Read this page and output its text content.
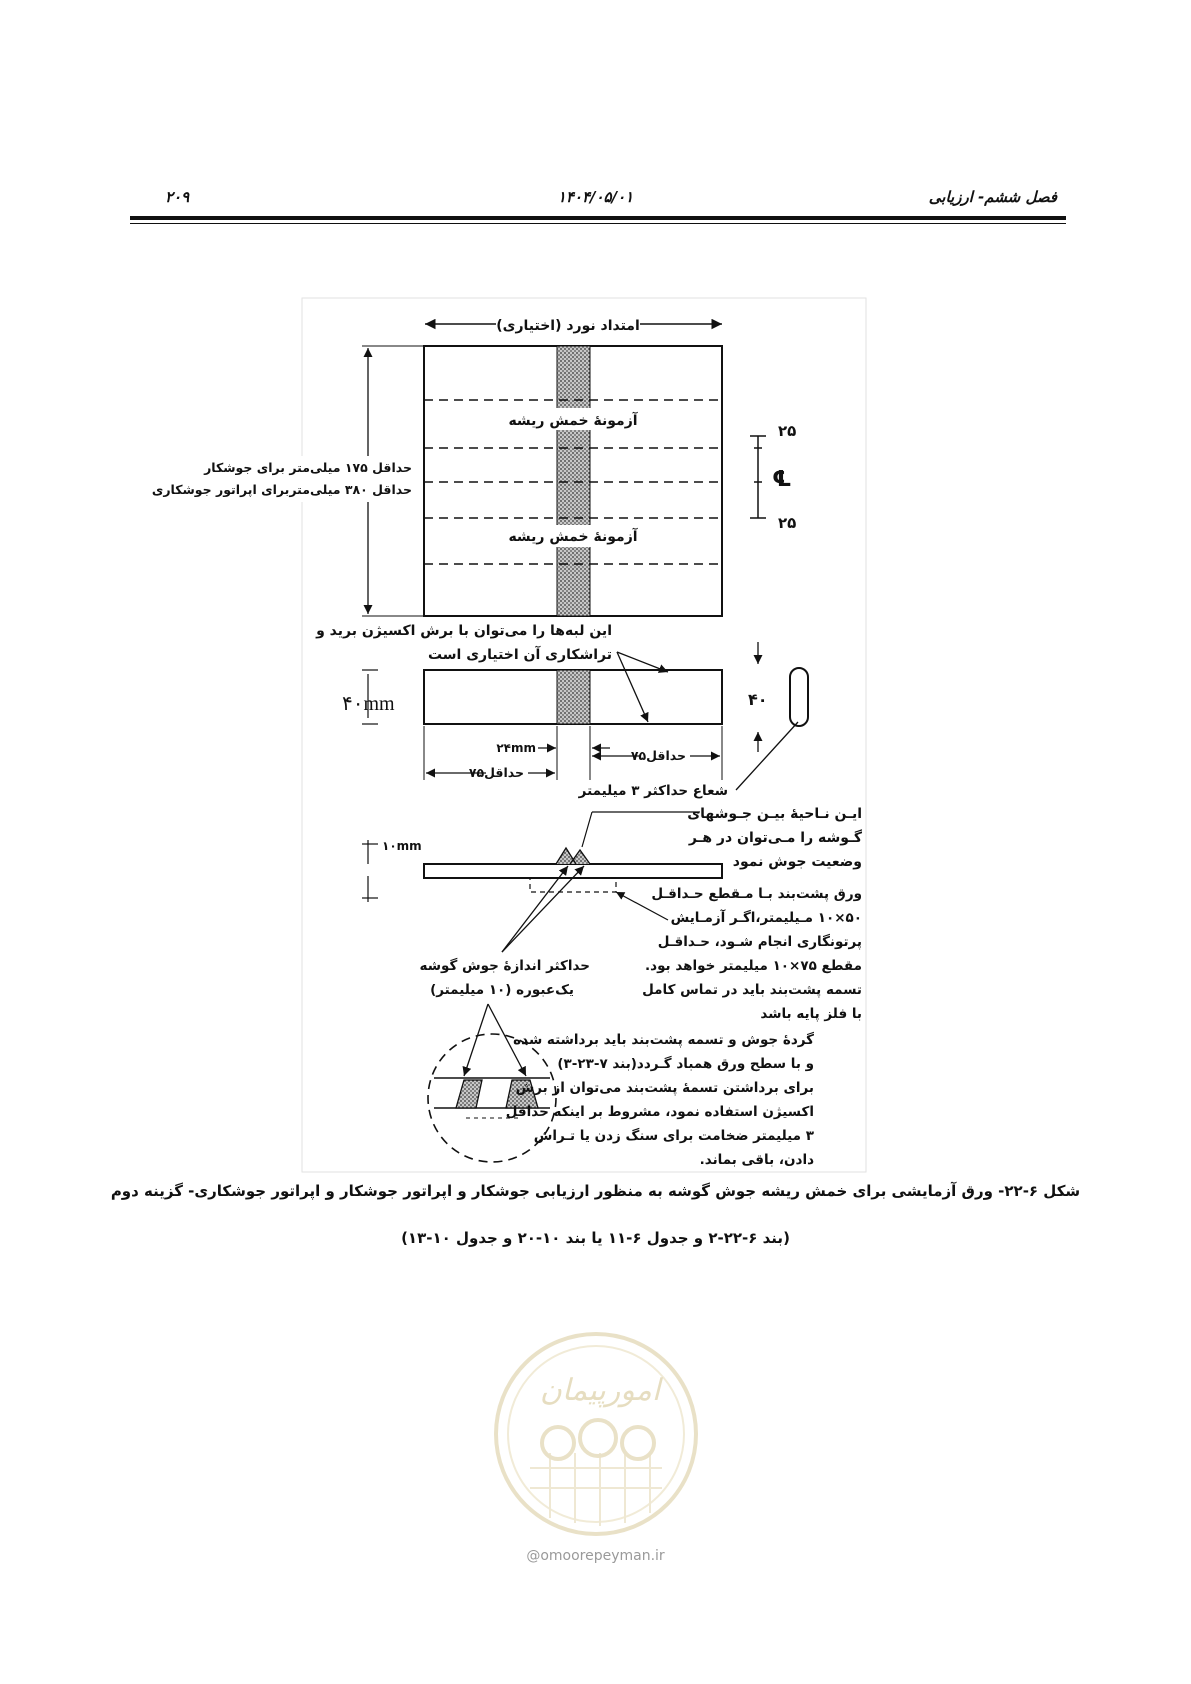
فصل ششم- ارزیابی
۱۴۰۴/۰۵/۰۱
۲۰۹
امتداد نورد (اختیاری)
آزمونهٔ خمش ریشه
آزمونهٔ خمش ریشه
۲۵
℄
۲۵
حداقل ۱۷۵ میلی‌متر برای جوشکار
حداقل ۳۸۰ میلی‌متربرای اپراتور جوشکاری
این لبه‌ها را می‌توان با برش اکسیژن برید و
تراشکاری آن اختیاری است
۴۰mm	۴۰
۲۴mm
حداقل۷۵
حداقل۷۵
شعاع حداکثر ۳ میلیمتر
۱۰mm
ایـن نـاحیهٔ بیـن جـوشهای
گـوشه را مـی‌توان در هـر
وضعیت جوش نمود
ورق پشت‌بند بـا مـقطع حـداقـل
۵۰×۱۰ مـیلیمتر،اگـر آزمـایش
پرتونگاری انجام شـود، حـداقـل
مقطع ۷۵×۱۰ میلیمتر خواهد بود.
تسمه پشت‌بند باید در تماس کامل
با فلز پایه باشد
حداکثر اندازهٔ جوش گوشه
یک‌عبوره (۱۰ میلیمتر)
گردهٔ جوش و تسمه پشت‌بند باید برداشته شده
و با سطح ورق همباد گـردد(بند ۷-۲۳-۳)
برای برداشتن تسمهٔ پشت‌بند می‌توان از برش
اکسیژن استفاده نمود، مشروط بر اینکه حداقل
۳ میلیمتر ضخامت برای سنگ زدن یا تـراش
دادن، باقی بماند.
شکل ۶-۲۲- ورق آزمایشی برای خمش ریشه جوش گوشه به منظور ارزیابی جوشکار و اپراتور جوشکار و اپراتور جوشکاری- گزینه دوم
(بند ۶-۲۲-۲ و جدول ۶-۱۱ یا بند ۱۰-۲۰ و جدول ۱۰-۱۳)
امورپیمان
@omoorepeyman.ir
